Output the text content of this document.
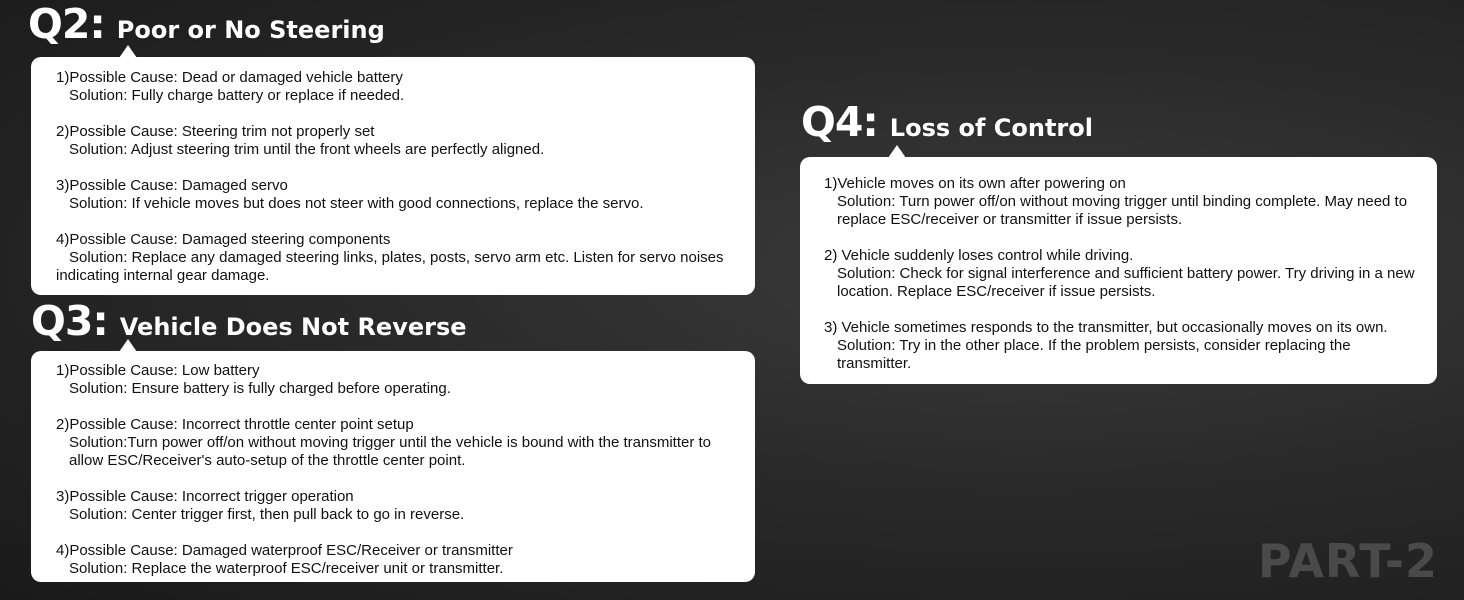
Q2: Poor or No Steering
1)Possible Cause: Dead or damaged vehicle battery
Solution: Fully charge battery or replace if needed.
2)Possible Cause: Steering trim not properly set
Solution: Adjust steering trim until the front wheels are perfectly aligned.
3)Possible Cause: Damaged servo
Solution: If vehicle moves but does not steer with good connections, replace the servo.
4)Possible Cause: Damaged steering components
Solution: Replace any damaged steering links, plates, posts, servo arm etc. Listen for servo noises indicating internal gear damage.
Q3: Vehicle Does Not Reverse
1)Possible Cause: Low battery
Solution: Ensure battery is fully charged before operating.
2)Possible Cause: Incorrect throttle center point setup
Solution:Turn power off/on without moving trigger until the vehicle is bound with the transmitter to allow ESC/Receiver's auto-setup of the throttle center point.
3)Possible Cause: Incorrect trigger operation
Solution: Center trigger first, then pull back to go in reverse.
4)Possible Cause: Damaged waterproof ESC/Receiver or transmitter
Solution: Replace the waterproof ESC/receiver unit or transmitter.
Q4: Loss of Control
1)Vehicle moves on its own after powering on
Solution: Turn power off/on without moving trigger until binding complete. May need to replace ESC/receiver or transmitter if issue persists.
2) Vehicle suddenly loses control while driving.
Solution: Check for signal interference and sufficient battery power. Try driving in a new location. Replace ESC/receiver if issue persists.
3) Vehicle sometimes responds to the transmitter, but occasionally moves on its own.
Solution: Try in the other place. If the problem persists, consider replacing the transmitter.
PART-2
